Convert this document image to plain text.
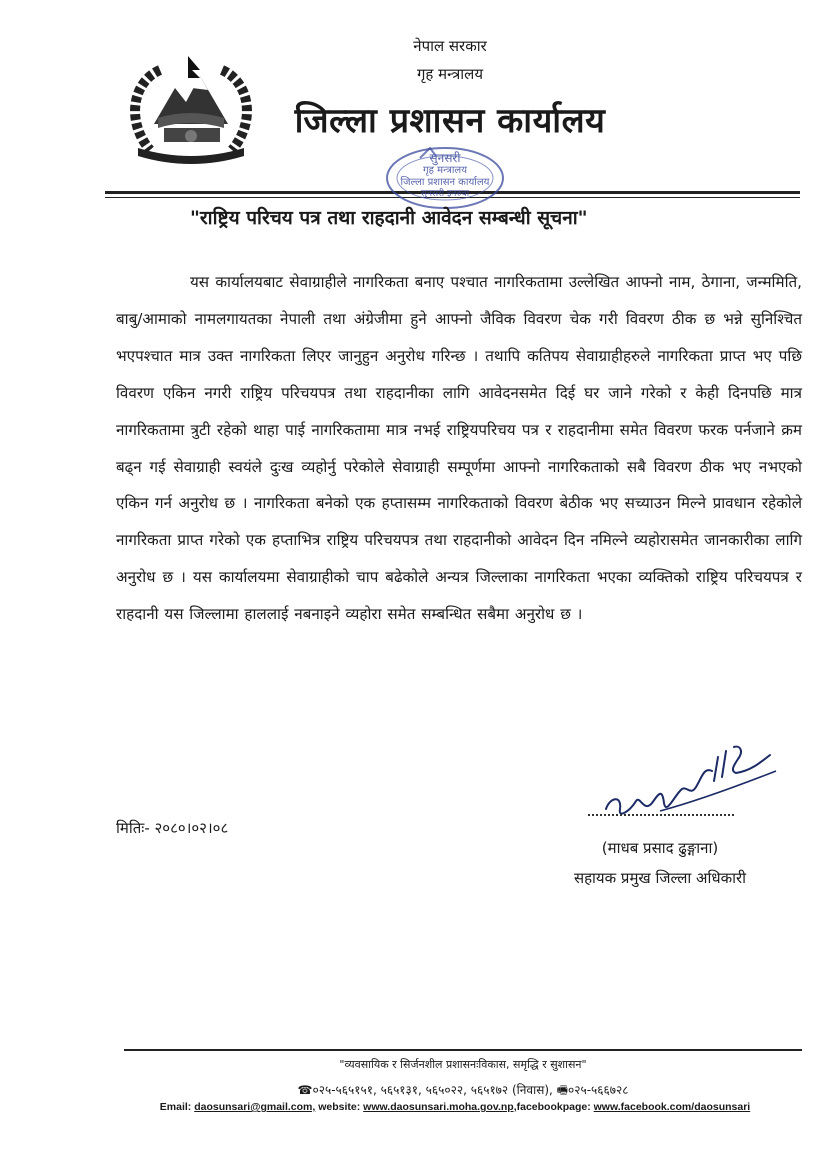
जननी जन्मभूमिश्च स्वर्गादपि गरीयसी
नेपाल सरकार
गृह मन्त्रालय
जिल्ला प्रशासन कार्यालय
सुनसरी
गृह मन्त्रालय
जिल्ला प्रशासन कार्यालय
सुनसरी इनरुवा
"राष्ट्रिय परिचय पत्र तथा राहदानी आवेदन सम्बन्धी सूचना"
यस कार्यालयबाट सेवाग्राहीले नागरिकता बनाए पश्चात नागरिकतामा उल्लेखित आफ्नो नाम, ठेगाना, जन्ममिति, बाबु/आमाको नामलगायतका नेपाली तथा अंग्रेजीमा हुने आफ्नो जैविक विवरण चेक गरी विवरण ठीक छ भन्ने सुनिश्चित भएपश्चात मात्र उक्त नागरिकता लिएर जानुहुन अनुरोध गरिन्छ । तथापि कतिपय सेवाग्राहीहरुले नागरिकता प्राप्त भए पछि विवरण एकिन नगरी राष्ट्रिय परिचयपत्र तथा राहदानीका लागि आवेदनसमेत दिई घर जाने गरेको र केही दिनपछि मात्र नागरिकतामा त्रुटी रहेको थाहा पाई नागरिकतामा मात्र नभई राष्ट्रियपरिचय पत्र र राहदानीमा समेत विवरण फरक पर्नजाने क्रम बढ्न गई सेवाग्राही स्वयंले दुःख व्यहोर्नु परेकोले सेवाग्राही सम्पूर्णमा आफ्नो नागरिकताको सबै विवरण ठीक भए नभएको एकिन गर्न अनुरोध छ । नागरिकता बनेको एक हप्तासम्म नागरिकताको विवरण बेठीक भए सच्याउन मिल्ने प्रावधान रहेकोले नागरिकता प्राप्त गरेको एक हप्ताभित्र राष्ट्रिय परिचयपत्र तथा राहदानीको आवेदन दिन नमिल्ने व्यहोरासमेत जानकारीका लागि अनुरोध छ । यस कार्यालयमा सेवाग्राहीको चाप बढेकोले अन्यत्र जिल्लाका नागरिकता भएका व्यक्तिको राष्ट्रिय परिचयपत्र र राहदानी यस जिल्लामा हाललाई नबनाइने व्यहोरा समेत सम्बन्धित सबैमा अनुरोध छ ।
मितिः- २०८०।०२।०८
(माधब प्रसाद ढुङ्गाना)
सहायक प्रमुख जिल्ला अधिकारी
"व्यवसायिक र सिर्जनशील प्रशासनःविकास, समृद्धि र सुशासन"
☎०२५-५६५१५१, ५६५१३१, ५६५०२२, ५६५१७२ (निवास), 🖷०२५-५६६७२८
Email: daosunsari@gmail.com, website: www.daosunsari.moha.gov.np,facebookpage: www.facebook.com/daosunsari
